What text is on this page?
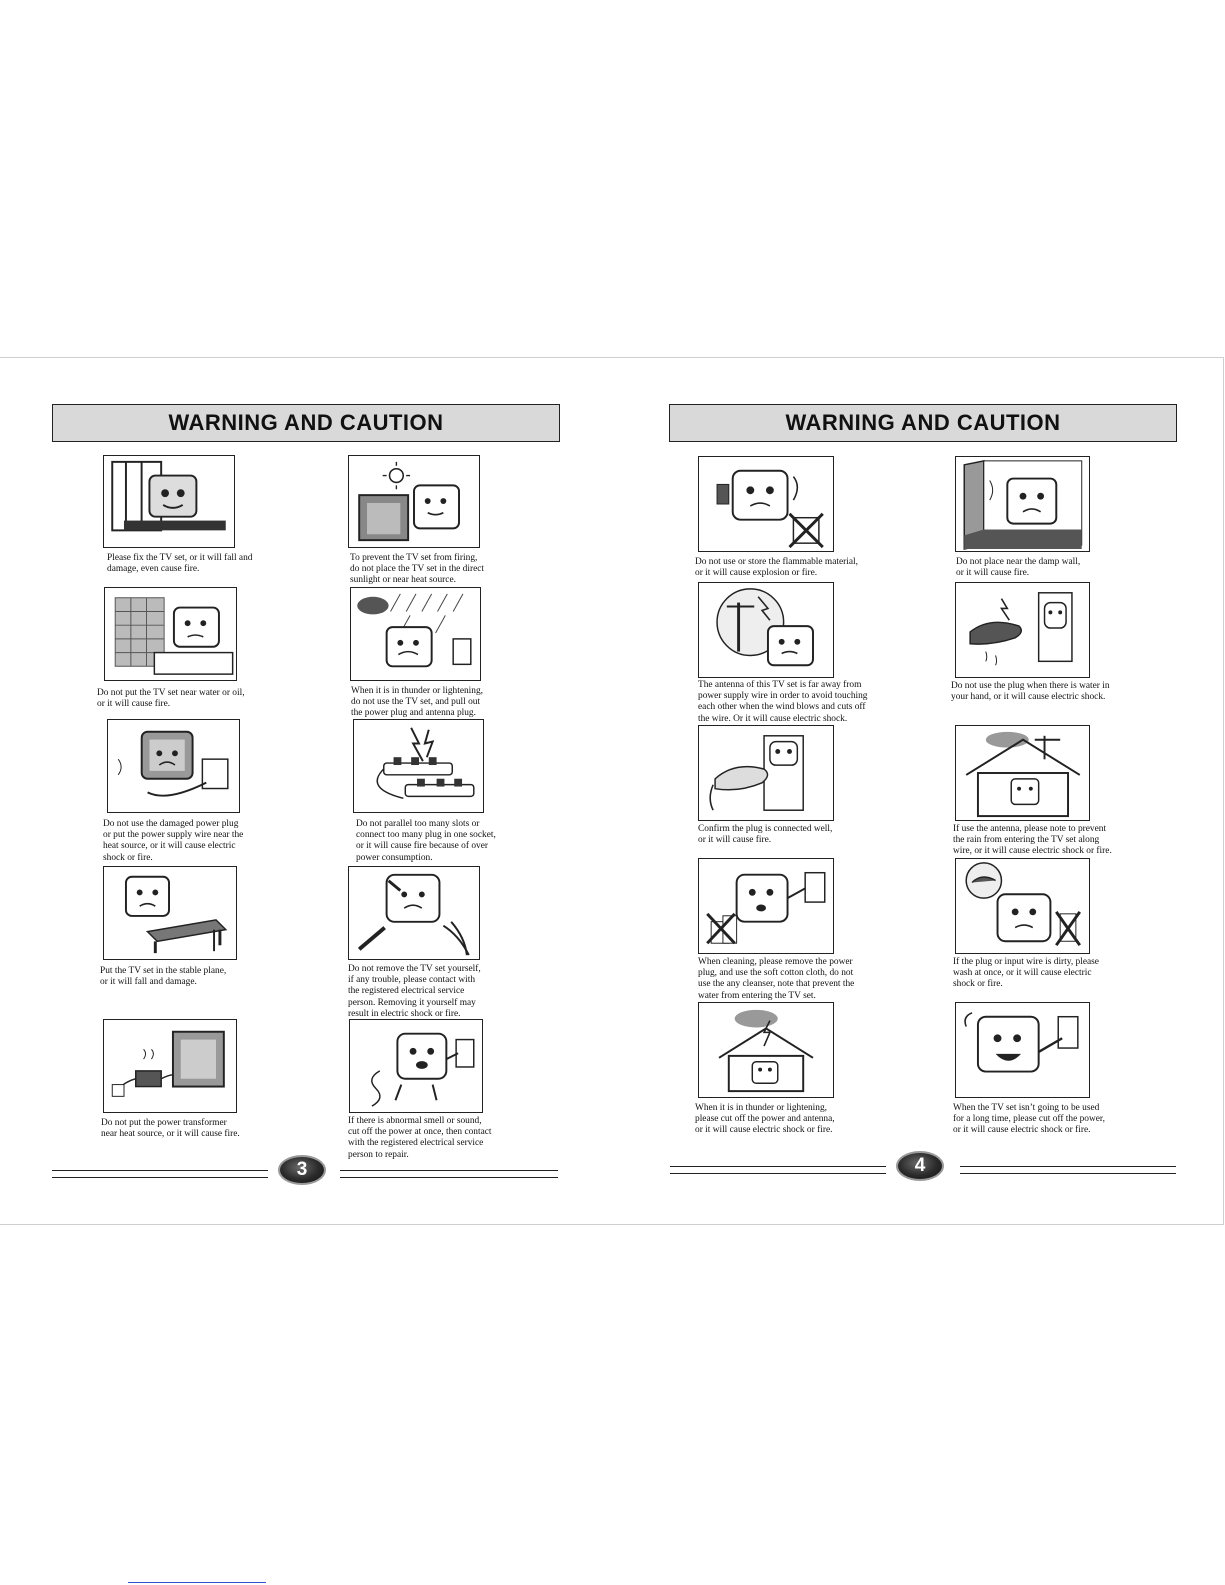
WARNING AND CAUTION
Please fix the TV set, or it will fall and
damage, even cause fire.
To prevent the TV set from firing,
do not place the TV set in the direct
sunlight or near heat source.
Do not put the TV set near water or oil,
or it will cause fire.
When it is in thunder or lightening,
do not use the TV set, and pull out
the power plug and antenna plug.
Do not use the damaged power plug
or put the power supply wire near the
heat source, or it will cause electric
shock or fire.
Do not parallel too many slots or
connect too many plug in one socket,
or it will cause fire because of over
power consumption.
Put the TV set in the stable plane,
or it will fall and damage.
Do not remove the TV set yourself,
if any trouble, please contact with
the registered electrical service
person. Removing it yourself may
result in electric shock or fire.
Do not put the power transformer
near heat source, or it will cause fire.
If there is abnormal smell or sound,
cut off the power at once, then contact
with the registered electrical service
person to repair.
3
WARNING AND CAUTION
Do not use or store the flammable material,
or it will cause explosion or fire.
Do not place near the damp wall,
or it will cause fire.
The antenna of this TV set is far away from
power supply wire in order to avoid touching
each other when the wind blows and cuts off
the wire. Or it will cause electric shock.
Do not use the plug when there is water in
your hand, or it will cause electric shock.
Confirm the plug is connected well,
or it will cause fire.
If use the antenna, please note to prevent
the rain from entering the TV set along
wire, or it will cause electric shock or fire.
When cleaning, please remove the power
plug, and use the soft cotton cloth, do not
use the any cleanser, note that prevent the
water from entering the TV set.
If the plug or input wire is dirty, please
wash at once, or it will cause electric
shock or fire.
When it is in thunder or lightening,
please cut off the power and antenna,
or it will cause electric shock or fire.
When the TV set isn’t going to be used
for a long time, please cut off the power,
or it will cause electric shock or fire.
4
